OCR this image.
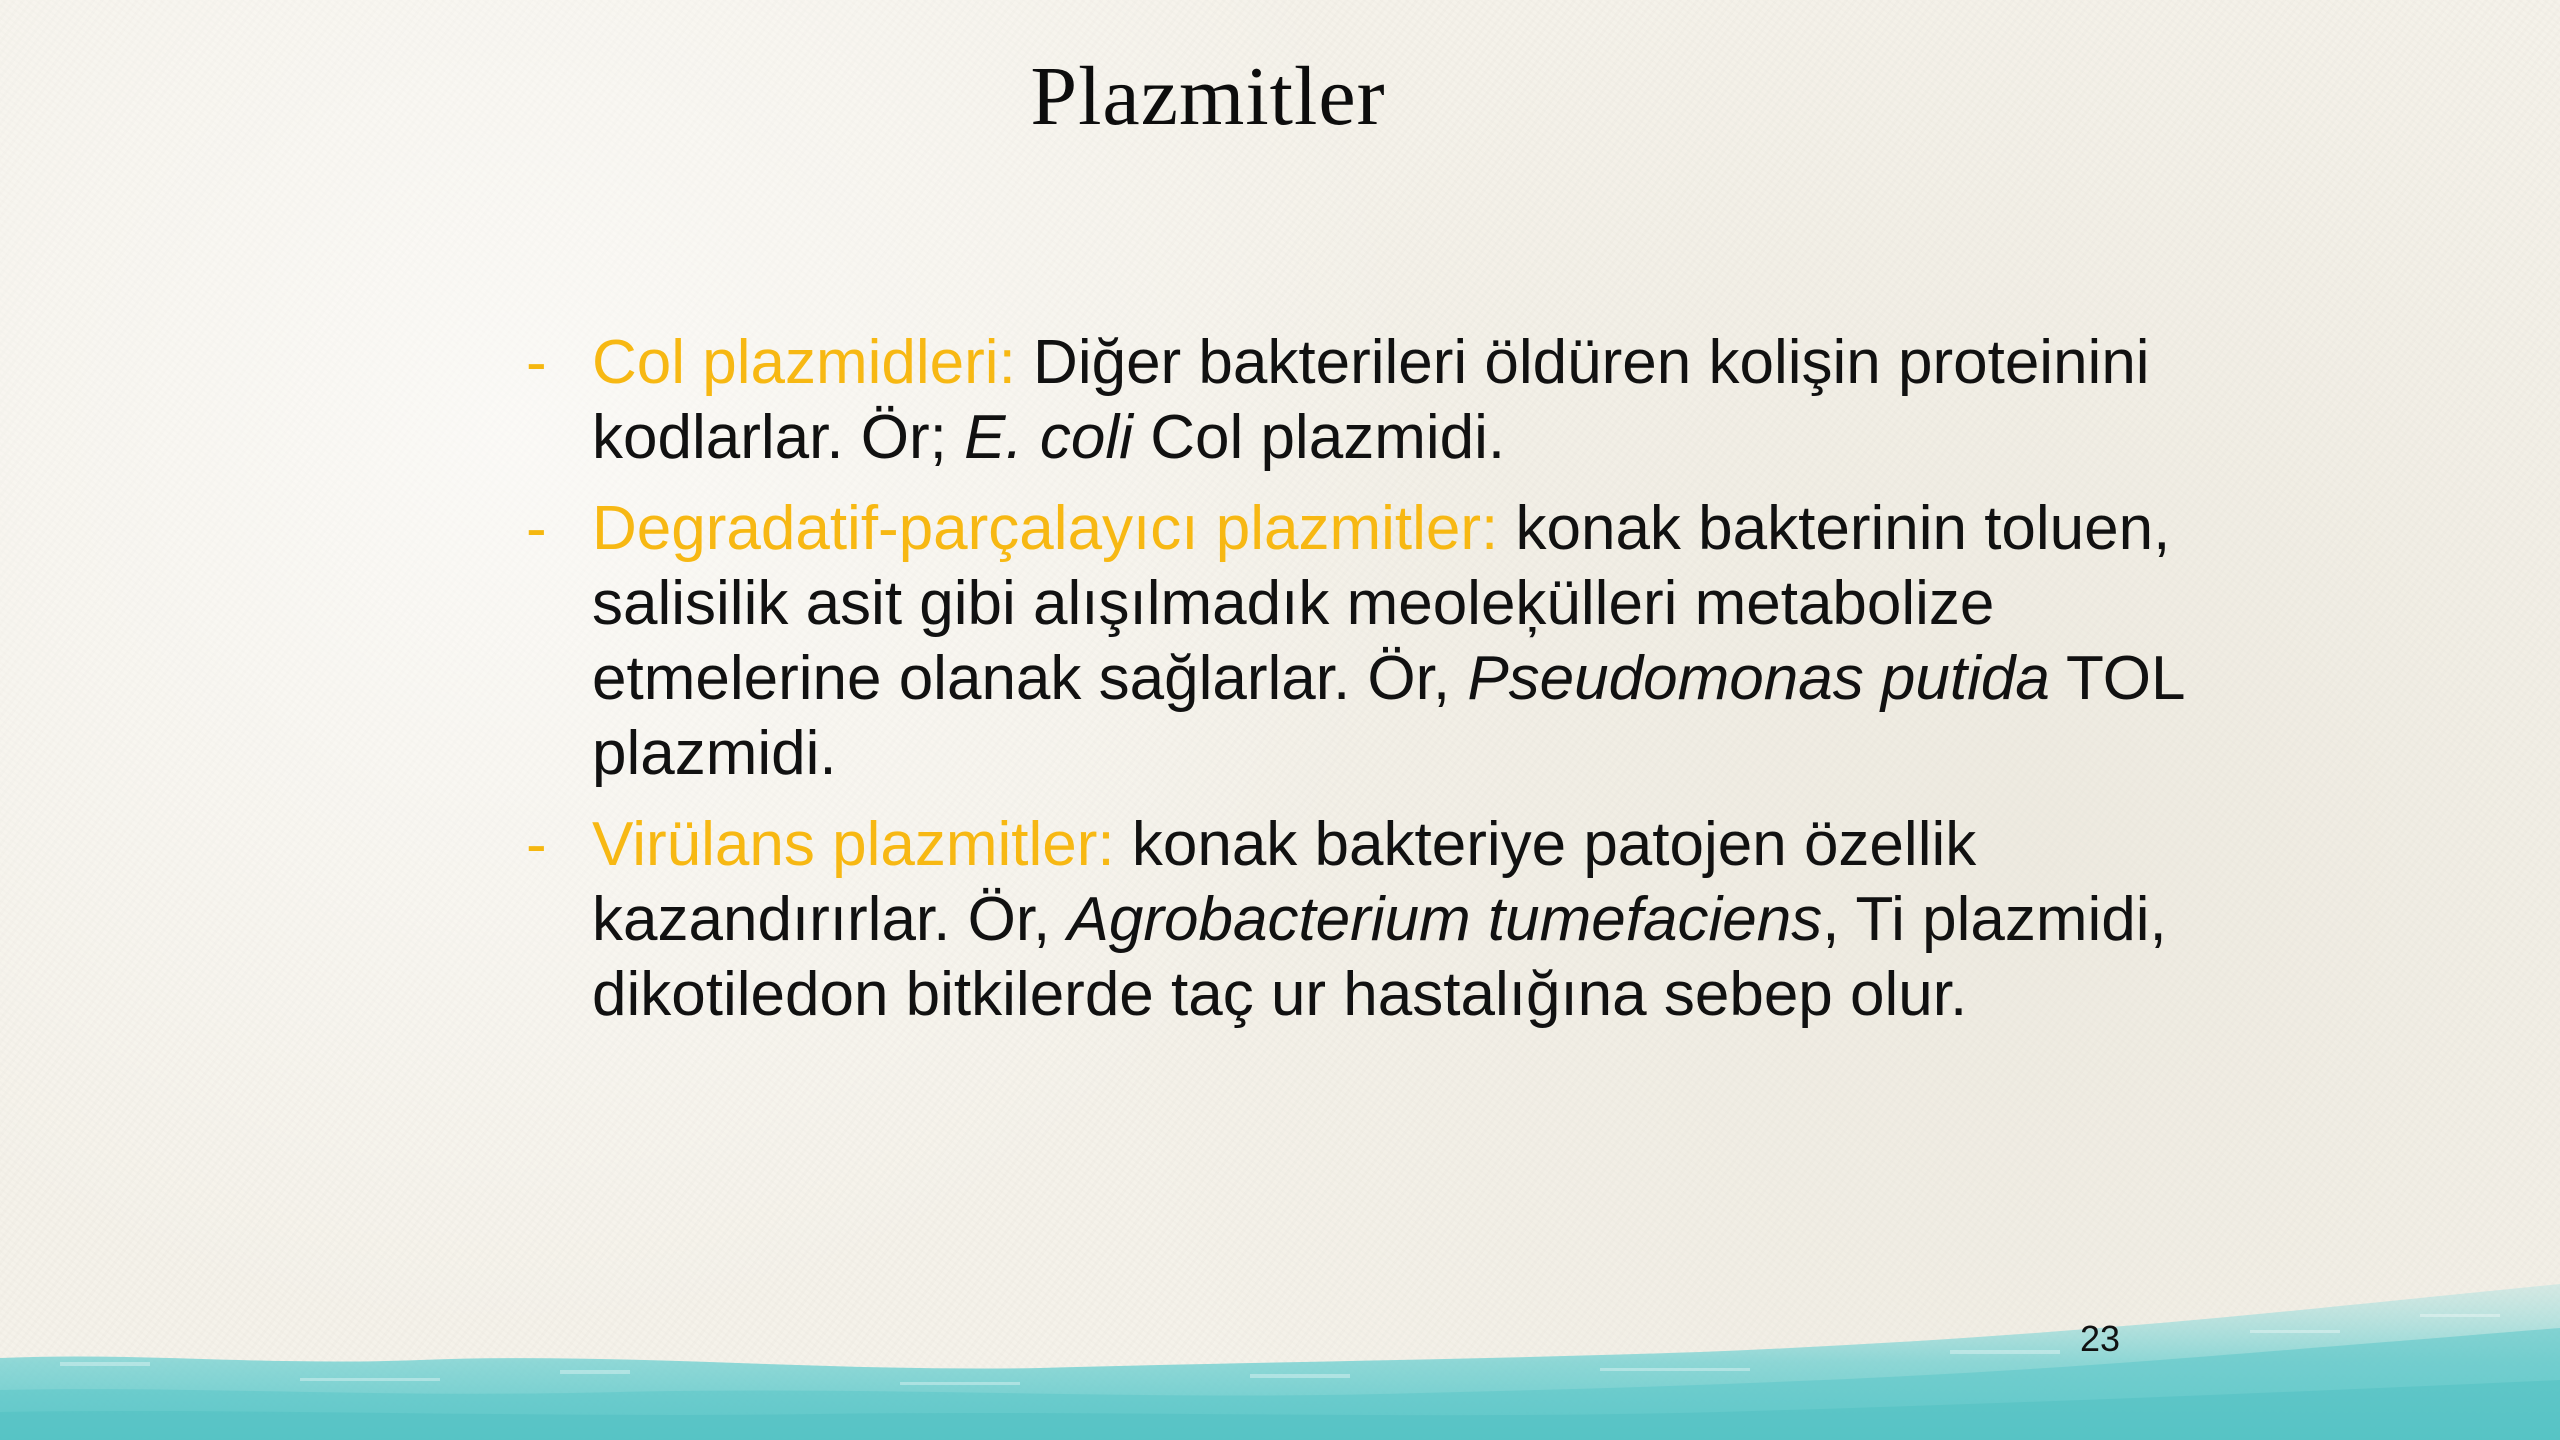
Plazmitler
- Col plazmidleri: Diğer bakterileri öldüren kolişin proteinini kodlarlar. Ör; E. coli Col plazmidi.
- Degradatif-parçalayıcı plazmitler: konak bakterinin toluen, salisilik asit gibi alışılmadık meoleķülleri metabolize etmelerine olanak sağlarlar. Ör, Pseudomonas putida TOL plazmidi.
- Virülans plazmitler: konak bakteriye patojen özellik kazandırırlar. Ör, Agrobacterium tumefaciens, Ti plazmidi, dikotiledon bitkilerde taç ur hastalığına sebep olur.
23
